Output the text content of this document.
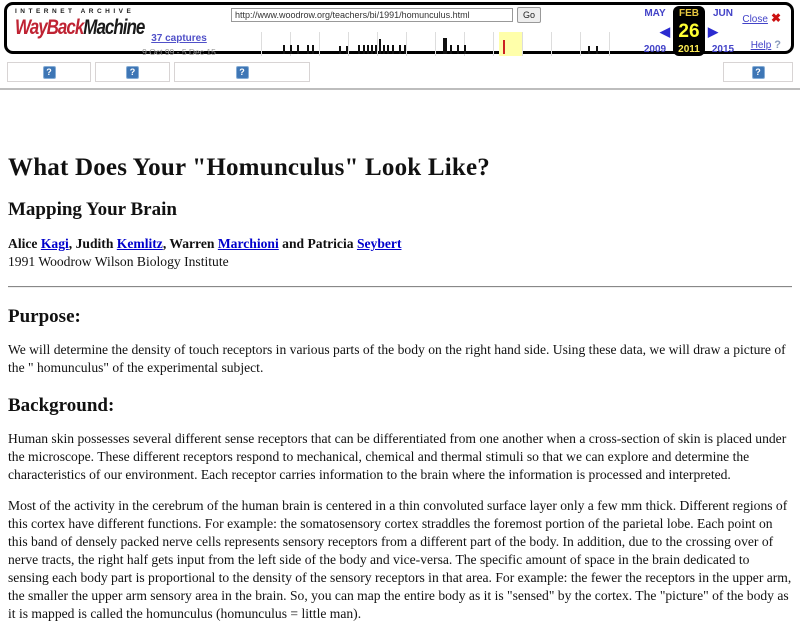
INTERNET ARCHIVE
WayBackMachine 37 captures
9 Oct 99 - 5 Dec 15
http://www.woodrow.org/teachers/bi/1991/homunculus.html
Go	MAY	FEB	JUN
◀ 26 ▶
2009	2011	2015
Close ✖
Help ?
?	?	?	?
What Does Your "Homunculus" Look Like?
Mapping Your Brain
Alice Kagi, Judith Kemlitz, Warren Marchioni and Patricia Seybert
1991 Woodrow Wilson Biology Institute
Purpose:

We will determine the density of touch receptors in various parts of the body on the right hand side. Using these data, we will draw a picture of the " homunculus" of the experimental subject.

Background:

Human skin possesses several different sense receptors that can be differentiated from one another when a cross-section of skin is placed under the microscope. These different receptors respond to mechanical, chemical and thermal stimuli so that we can explore and determine the characteristics of our environment. Each receptor carries information to the brain where the information is processed and interpreted.

Most of the activity in the cerebrum of the human brain is centered in a thin convoluted surface layer only a few mm thick. Different regions of this cortex have different functions. For example: the somatosensory cortex straddles the foremost portion of the parietal lobe. Each point on this band of densely packed nerve cells represents sensory receptors from a different part of the body. In addition, due to the crossing over of nerve tracts, the right half gets input from the left side of the body and vice-versa. The specific amount of space in the brain dedicated to sensing each body part is proportional to the density of the sensory receptors in that area. For example: the fewer the receptors in the upper arm, the smaller the upper arm sensory area in the brain. So, you can map the entire body as it is "sensed" by the cortex. The "picture" of the body as it is mapped is called the homunculus (homunculus = little man).
